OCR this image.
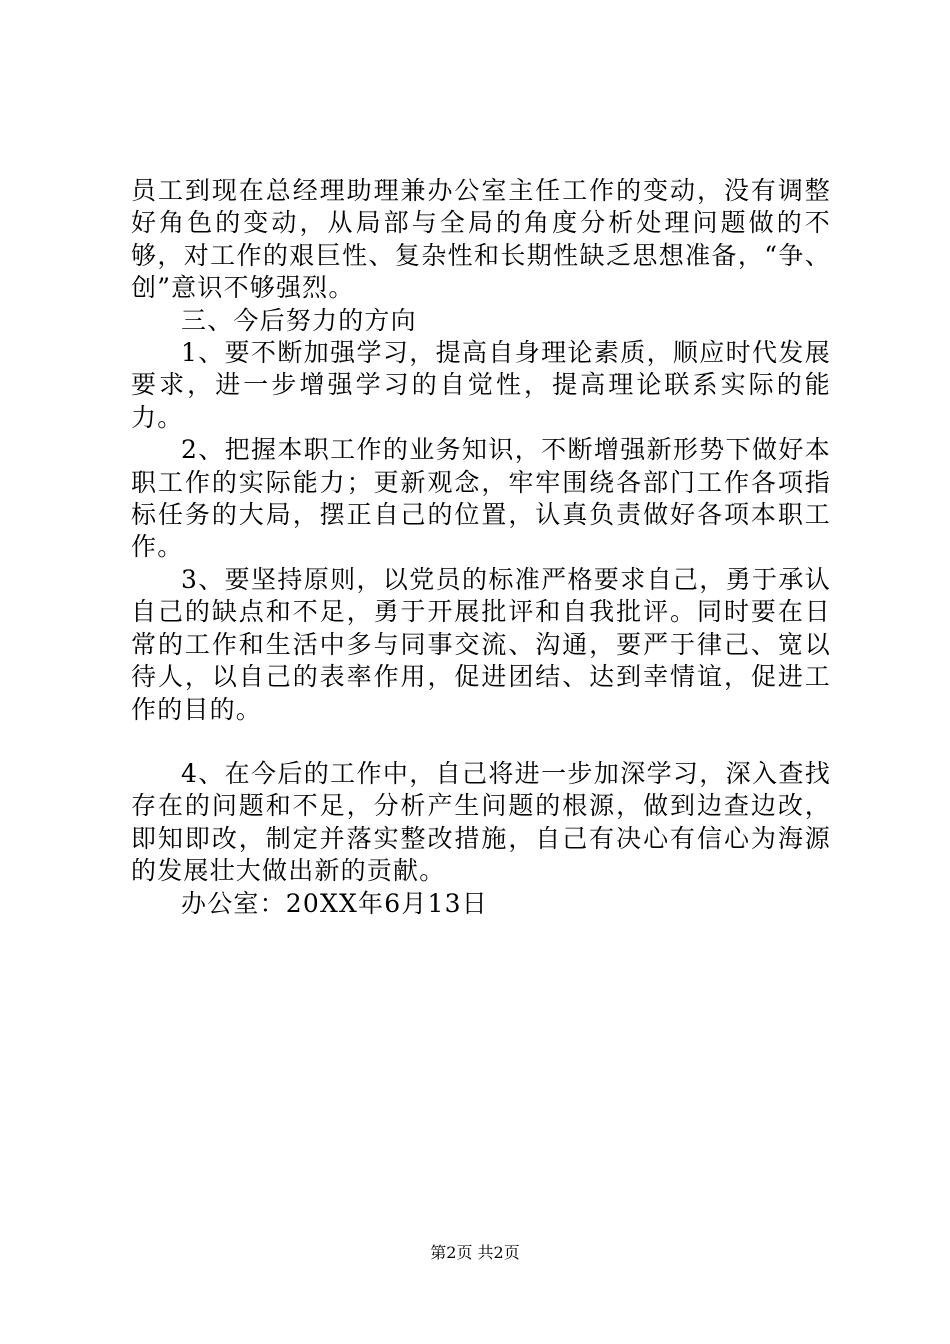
员工到现在总经理助理兼办公室主任工作的变动，没有调整好角色的变动，从局部与全局的角度分析处理问题做的不够，对工作的艰巨性、复杂性和长期性缺乏思想准备，“争、创”意识不够强烈。

三、今后努力的方向

1、要不断加强学习，提高自身理论素质，顺应时代发展要求，进一步增强学习的自觉性，提高理论联系实际的能力。

2、把握本职工作的业务知识，不断增强新形势下做好本职工作的实际能力；更新观念，牢牢围绕各部门工作各项指标任务的大局，摆正自己的位置，认真负责做好各项本职工作。

3、要坚持原则，以党员的标准严格要求自己，勇于承认自己的缺点和不足，勇于开展批评和自我批评。同时要在日常的工作和生活中多与同事交流、沟通，要严于律己、宽以待人，以自己的表率作用，促进团结、达到幸情谊，促进工作的目的。

4、在今后的工作中，自己将进一步加深学习，深入查找存在的问题和不足，分析产生问题的根源，做到边查边改，即知即改，制定并落实整改措施，自己有决心有信心为海源的发展壮大做出新的贡献。

办公室：20XX年6月13日

第2页 共2页
